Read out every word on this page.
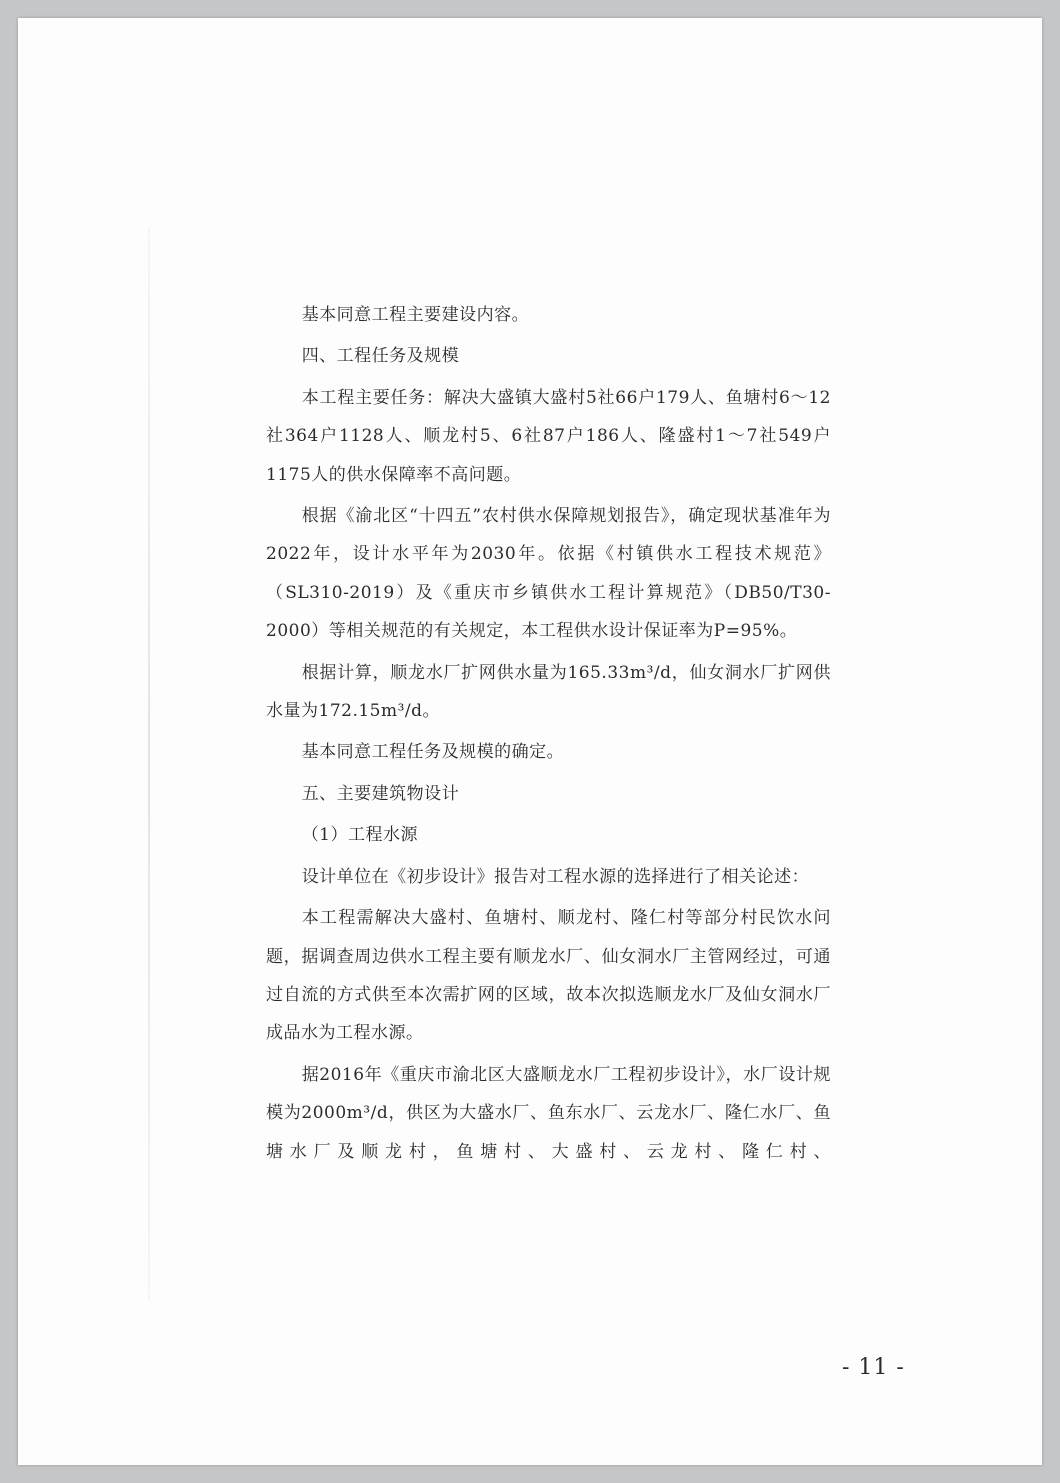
基本同意工程主要建设内容。

四、工程任务及规模

本工程主要任务：解决大盛镇大盛村5社66户179人、鱼塘村6～12社364户1128人、顺龙村5、6社87户186人、隆盛村1～7社549户1175人的供水保障率不高问题。

根据《渝北区“十四五”农村供水保障规划报告》，确定现状基准年为2022年，设计水平年为2030年。依据《村镇供水工程技术规范》（SL310-2019）及《重庆市乡镇供水工程计算规范》（DB50/T30-2000）等相关规范的有关规定，本工程供水设计保证率为P=95%。

根据计算，顺龙水厂扩网供水量为165.33m³/d，仙女洞水厂扩网供水量为172.15m³/d。

基本同意工程任务及规模的确定。

五、主要建筑物设计

（1）工程水源

设计单位在《初步设计》报告对工程水源的选择进行了相关论述：

本工程需解决大盛村、鱼塘村、顺龙村、隆仁村等部分村民饮水问题，据调查周边供水工程主要有顺龙水厂、仙女洞水厂主管网经过，可通过自流的方式供至本次需扩网的区域，故本次拟选顺龙水厂及仙女洞水厂成品水为工程水源。

据2016年《重庆市渝北区大盛顺龙水厂工程初步设计》，水厂设计规模为2000m³/d，供区为大盛水厂、鱼东水厂、云龙水厂、隆仁水厂、鱼塘水厂及顺龙村，鱼塘村、大盛村、云龙村、隆仁村、

- 11 -
